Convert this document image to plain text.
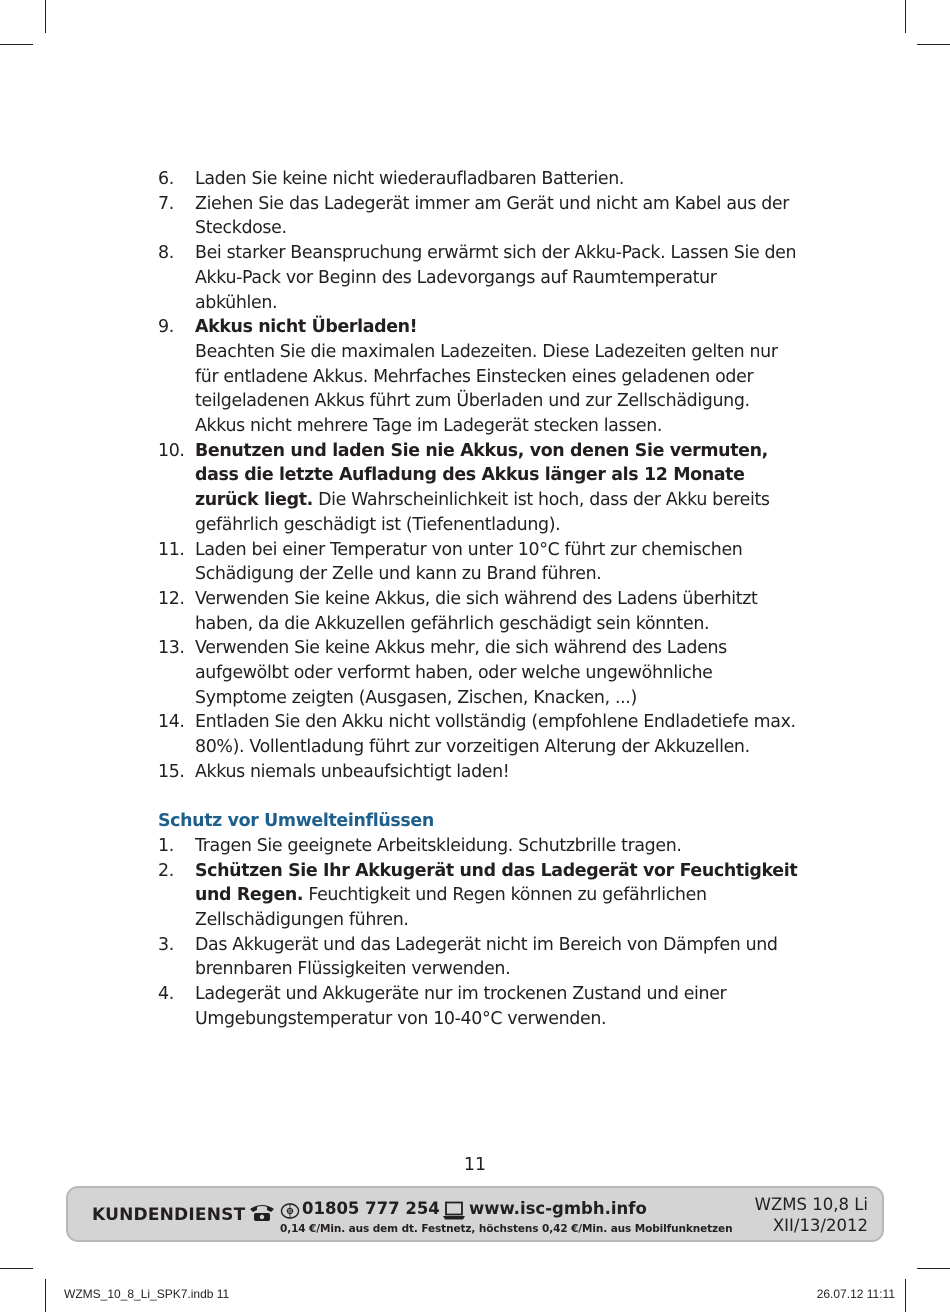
6.	Laden Sie keine nicht wiederaufladbaren Batterien.
7.	Ziehen Sie das Ladegerät immer am Gerät und nicht am Kabel aus der Steckdose.
8.	Bei starker Beanspruchung erwärmt sich der Akku-Pack. Lassen Sie den Akku-Pack vor Beginn des Ladevorgangs auf Raumtemperatur abkühlen.
9.	Akkus nicht Überladen!
Beachten Sie die maximalen Ladezeiten. Diese Ladezeiten gelten nur für entladene Akkus. Mehrfaches Einstecken eines geladenen oder teilgeladenen Akkus führt zum Überladen und zur Zellschädigung. Akkus nicht mehrere Tage im Ladegerät stecken lassen.
10. Benutzen und laden Sie nie Akkus, von denen Sie vermuten, dass die letzte Aufladung des Akkus länger als 12 Monate zurück liegt. Die Wahrscheinlichkeit ist hoch, dass der Akku bereits gefährlich geschädigt ist (Tiefenentladung).
11. Laden bei einer Temperatur von unter 10°C führt zur chemischen Schädigung der Zelle und kann zu Brand führen.
12. Verwenden Sie keine Akkus, die sich während des Ladens überhitzt haben, da die Akkuzellen gefährlich geschädigt sein könnten.
13. Verwenden Sie keine Akkus mehr, die sich während des Ladens aufgewölbt oder verformt haben, oder welche ungewöhnliche Symptome zeigten (Ausgasen, Zischen, Knacken, ...)
14. Entladen Sie den Akku nicht vollständig (empfohlene Endladetiefe max. 80%). Vollentladung führt zur vorzeitigen Alterung der Akkuzellen.
15. Akkus niemals unbeaufsichtigt laden!
Schutz vor Umwelteinflüssen
1.	Tragen Sie geeignete Arbeitskleidung. Schutzbrille tragen.
2.	Schützen Sie Ihr Akkugerät und das Ladegerät vor Feuchtigkeit und Regen. Feuchtigkeit und Regen können zu gefährlichen Zellschädigungen führen.
3.	Das Akkugerät und das Ladegerät nicht im Bereich von Dämpfen und brennbaren Flüssigkeiten verwenden.
4.	Ladegerät und Akkugeräte nur im trockenen Zustand und einer Umgebungstemperatur von 10-40°C verwenden.
11
KUNDENDIENST	01805 777 254 www.isc-gmbh.info
0,14 €/Min. aus dem dt. Festnetz, höchstens 0,42 €/Min. aus Mobilfunknetzen
WZMS 10,8 Li
XII/13/2012
WZMS_10_8_Li_SPK7.indb 11	26.07.12 11:11
